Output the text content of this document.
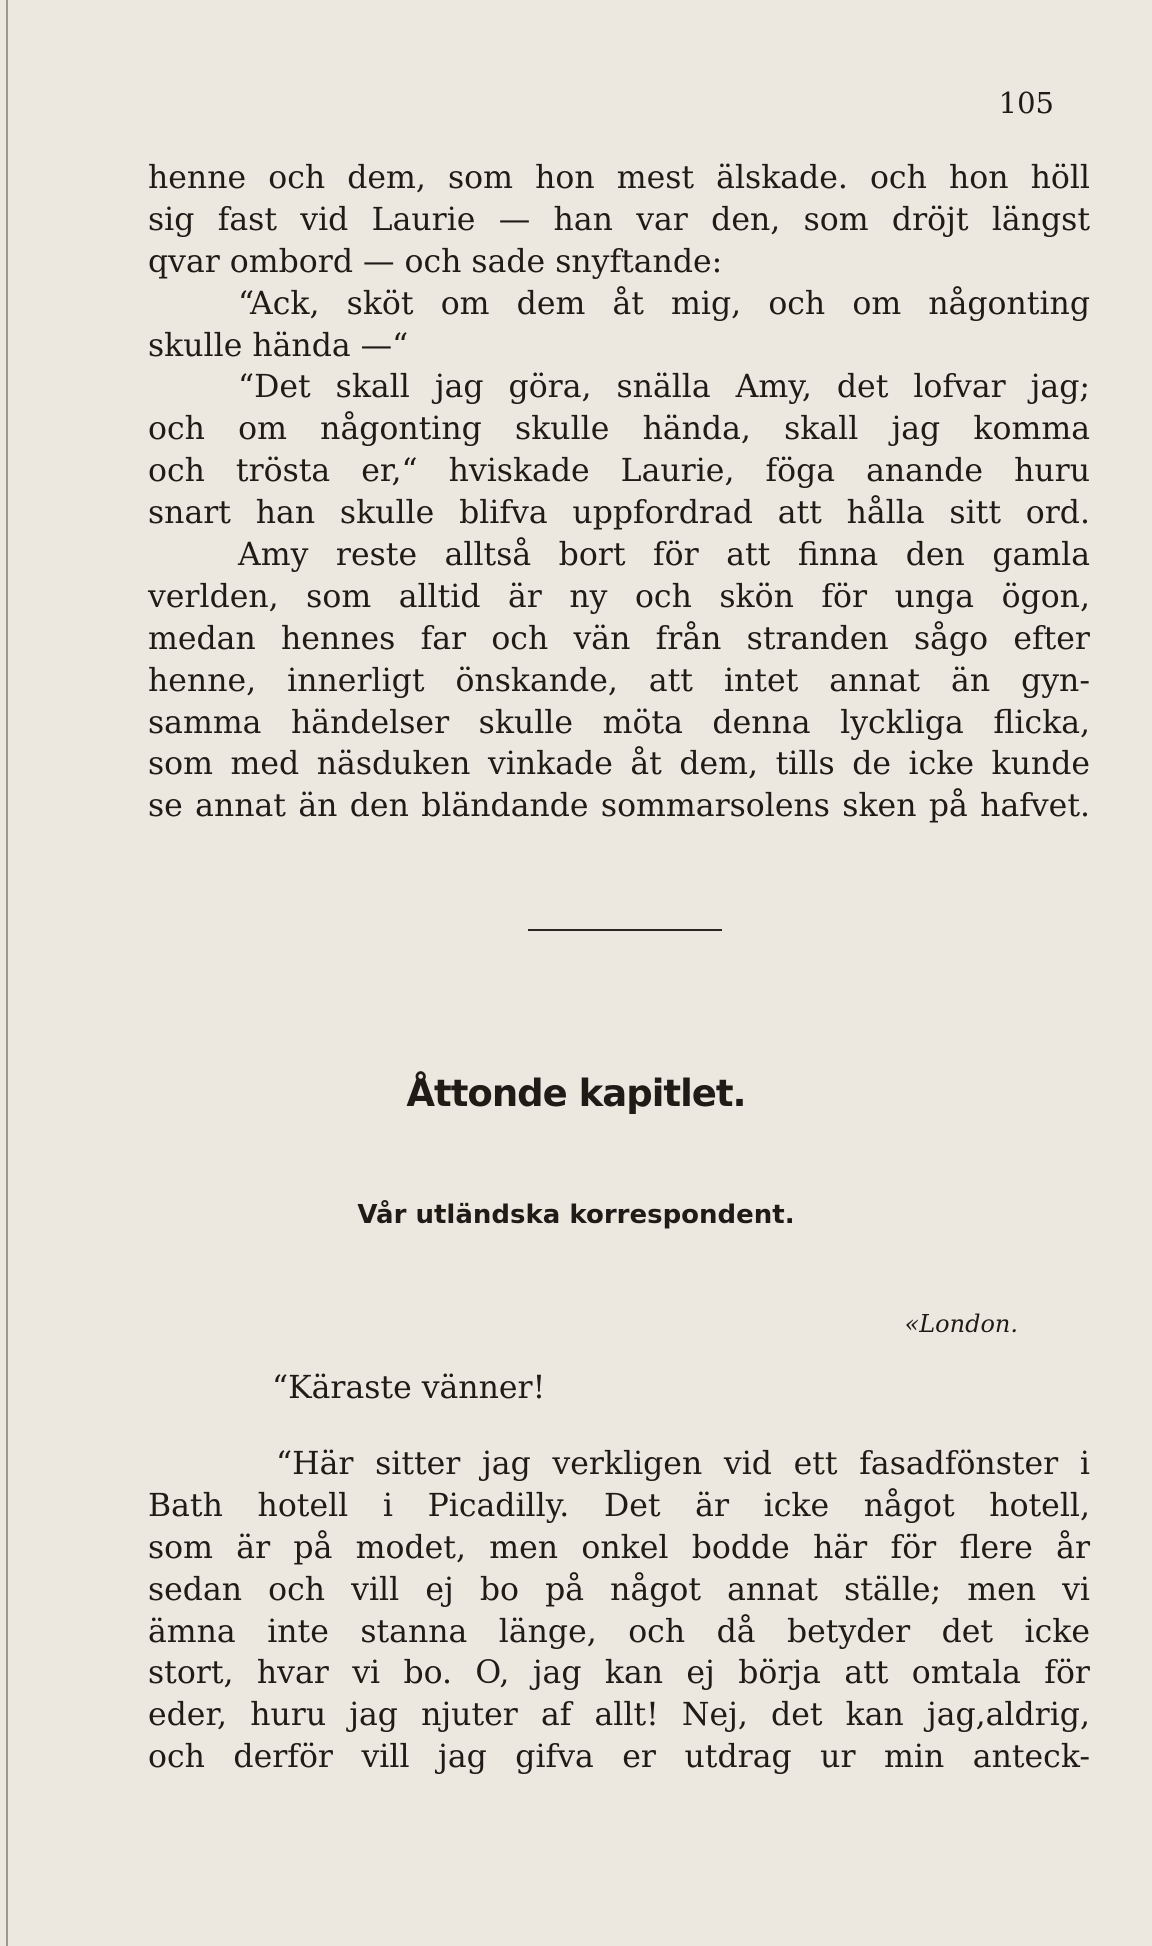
105
henne och dem, som hon mest älskade. och hon höll
sig fast vid Laurie — han var den, som dröjt längst
qvar ombord — och sade snyftande:
“Ack, sköt om dem åt mig, och om någonting
skulle hända —“
“Det skall jag göra, snälla Amy, det lofvar jag;
och om någonting skulle hända, skall jag komma
och trösta er,“ hviskade Laurie, föga anande huru
snart han skulle blifva uppfordrad att hålla sitt ord.
Amy reste alltså bort för att finna den gamla
verlden, som alltid är ny och skön för unga ögon,
medan hennes far och vän från stranden sågo efter
henne, innerligt önskande, att intet annat än gyn-
samma händelser skulle möta denna lyckliga flicka,
som med näsduken vinkade åt dem, tills de icke kunde
se annat än den bländande sommarsolens sken på hafvet.
Åttonde kapitlet.
Vår utländska korrespondent.
«London.
“Käraste vänner!
“Här sitter jag verkligen vid ett fasadfönster i
Bath hotell i Picadilly. Det är icke något hotell,
som är på modet, men onkel bodde här för flere år
sedan och vill ej bo på något annat ställe; men vi
ämna inte stanna länge, och då betyder det icke
stort, hvar vi bo. O, jag kan ej börja att omtala för
eder, huru jag njuter af allt! Nej, det kan jag,aldrig,
och derför vill jag gifva er utdrag ur min anteck-
